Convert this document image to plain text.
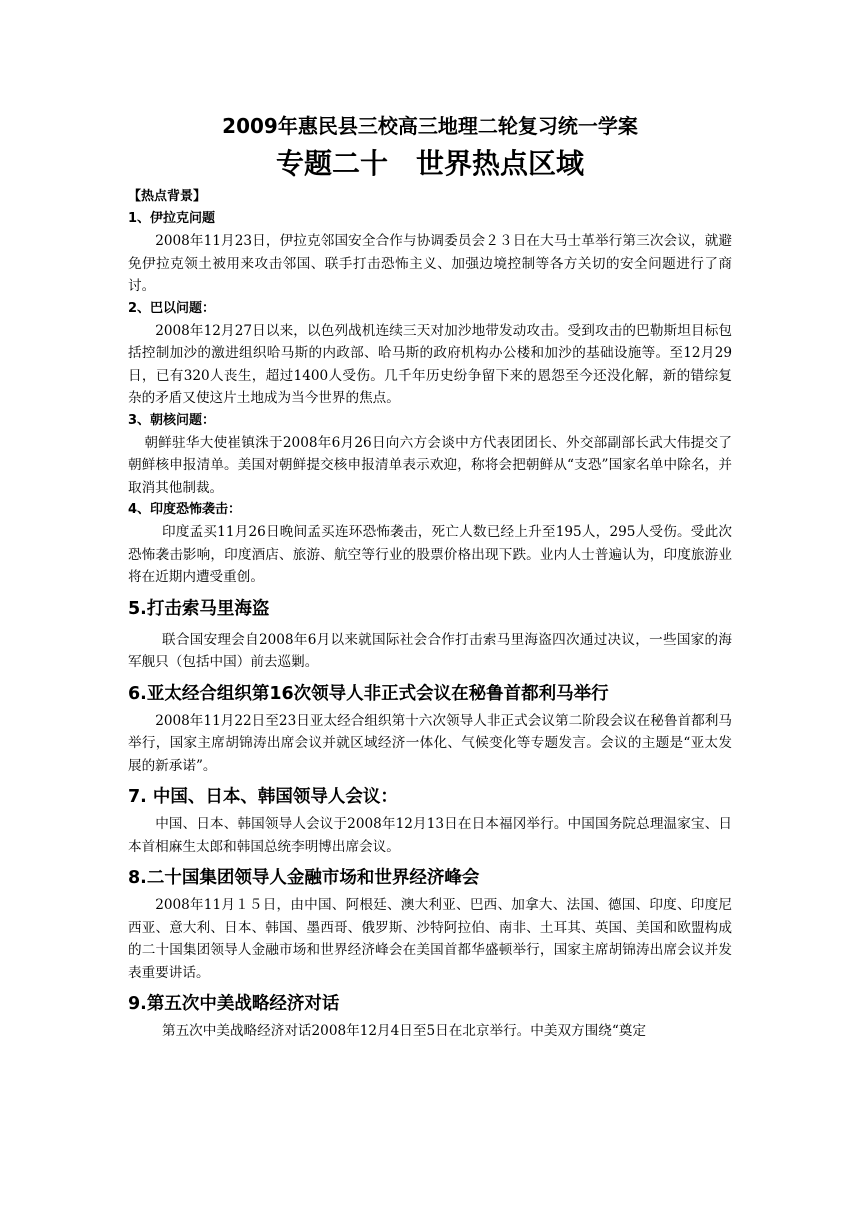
2009年惠民县三校高三地理二轮复习统一学案

专题二十　世界热点区域

【热点背景】

1、伊拉克问题

2008年11月23日，伊拉克邻国安全合作与协调委员会２３日在大马士革举行第三次会议，就避免伊拉克领土被用来攻击邻国、联手打击恐怖主义、加强边境控制等各方关切的安全问题进行了商讨。

2、巴以问题：

2008年12月27日以来，以色列战机连续三天对加沙地带发动攻击。受到攻击的巴勒斯坦目标包括控制加沙的激进组织哈马斯的内政部、哈马斯的政府机构办公楼和加沙的基础设施等。至12月29日，已有320人丧生，超过1400人受伤。几千年历史纷争留下来的恩怨至今还没化解，新的错综复杂的矛盾又使这片土地成为当今世界的焦点。

3、朝核问题：

朝鲜驻华大使崔镇洙于2008年6月26日向六方会谈中方代表团团长、外交部副部长武大伟提交了朝鲜核申报清单。美国对朝鲜提交核申报清单表示欢迎，称将会把朝鲜从“支恐”国家名单中除名，并取消其他制裁。

4、印度恐怖袭击：

印度孟买11月26日晚间孟买连环恐怖袭击，死亡人数已经上升至195人，295人受伤。受此次恐怖袭击影响，印度酒店、旅游、航空等行业的股票价格出现下跌。业内人士普遍认为，印度旅游业将在近期内遭受重创。

5.打击索马里海盗

联合国安理会自2008年6月以来就国际社会合作打击索马里海盗四次通过决议，一些国家的海军舰只（包括中国）前去巡剿。

6.亚太经合组织第16次领导人非正式会议在秘鲁首都利马举行

2008年11月22日至23日亚太经合组织第十六次领导人非正式会议第二阶段会议在秘鲁首都利马举行，国家主席胡锦涛出席会议并就区域经济一体化、气候变化等专题发言。会议的主题是“亚太发展的新承诺”。

7. 中国、日本、韩国领导人会议：

中国、日本、韩国领导人会议于2008年12月13日在日本福冈举行。中国国务院总理温家宝、日本首相麻生太郎和韩国总统李明博出席会议。

8.二十国集团领导人金融市场和世界经济峰会

2008年11月１５日，由中国、阿根廷、澳大利亚、巴西、加拿大、法国、德国、印度、印度尼西亚、意大利、日本、韩国、墨西哥、俄罗斯、沙特阿拉伯、南非、土耳其、英国、美国和欧盟构成的二十国集团领导人金融市场和世界经济峰会在美国首都华盛顿举行，国家主席胡锦涛出席会议并发表重要讲话。

9.第五次中美战略经济对话

第五次中美战略经济对话2008年12月4日至5日在北京举行。中美双方围绕“奠定
